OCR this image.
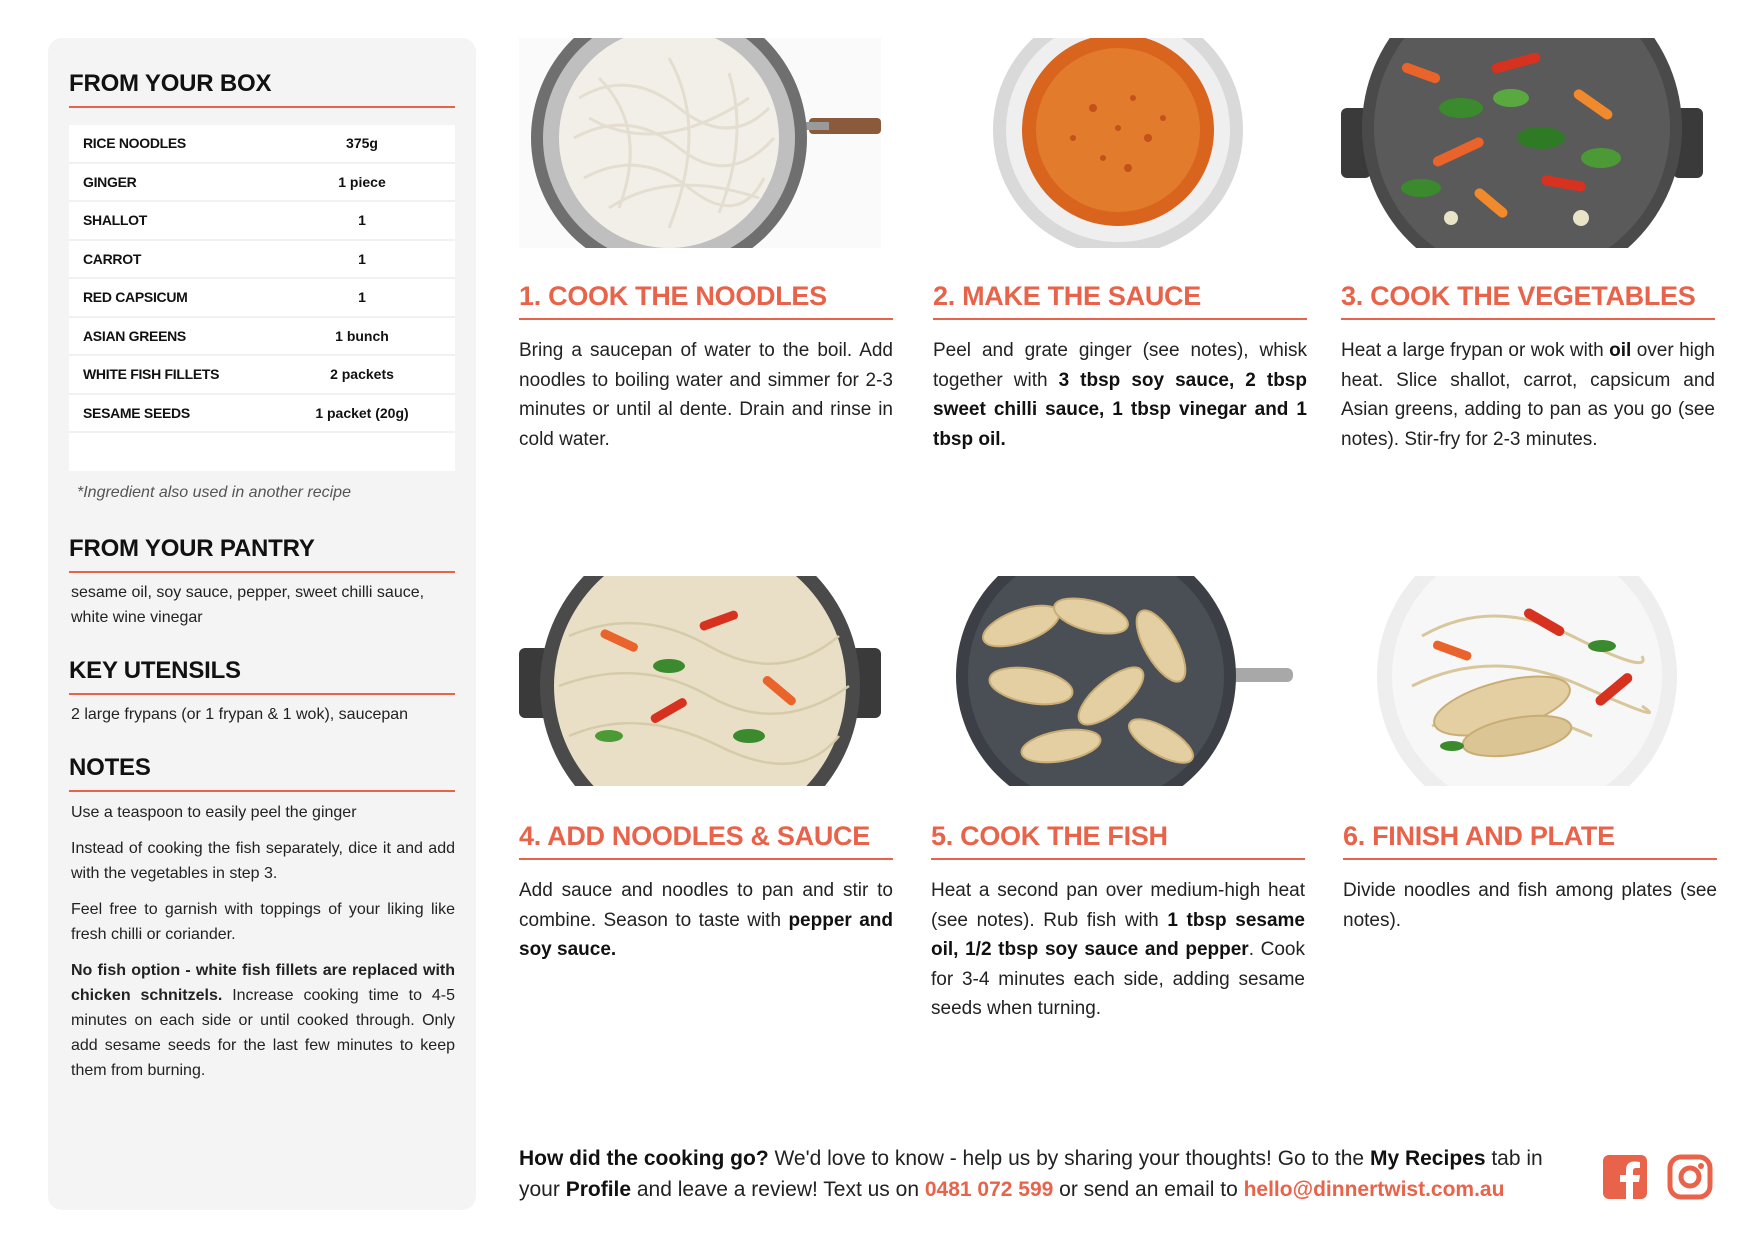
FROM YOUR BOX
RICE NOODLES	375g
GINGER	1 piece
SHALLOT	1
CARROT	1
RED CAPSICUM	1
ASIAN GREENS	1 bunch
WHITE FISH FILLETS	2 packets
SESAME SEEDS	1 packet (20g)
*Ingredient also used in another recipe
FROM YOUR PANTRY
sesame oil, soy sauce, pepper, sweet chilli sauce, white wine vinegar
KEY UTENSILS
2 large frypans (or 1 frypan & 1 wok), saucepan
NOTES

Use a teaspoon to easily peel the ginger

Instead of cooking the fish separately, dice it and add with the vegetables in step 3.

Feel free to garnish with toppings of your liking like fresh chilli or coriander.

No fish option - white fish fillets are replaced with chicken schnitzels. Increase cooking time to 4-5 minutes on each side or until cooked through. Only add sesame seeds for the last few minutes to keep them from burning.

1. COOK THE NOODLES
Bring a saucepan of water to the boil. Add noodles to boiling water and simmer for 2-3 minutes or until al dente. Drain and rinse in cold water.
2. MAKE THE SAUCE
Peel and grate ginger (see notes), whisk together with 3 tbsp soy sauce, 2 tbsp sweet chilli sauce, 1 tbsp vinegar and 1 tbsp oil.
3. COOK THE VEGETABLES
Heat a large frypan or wok with oil over high heat. Slice shallot, carrot, capsicum and Asian greens, adding to pan as you go (see notes). Stir-fry for 2-3 minutes.
4. ADD NOODLES & SAUCE
Add sauce and noodles to pan and stir to combine. Season to taste with pepper and soy sauce.
5. COOK THE FISH
Heat a second pan over medium-high heat (see notes). Rub fish with 1 tbsp sesame oil, 1/2 tbsp soy sauce and pepper. Cook for 3-4 minutes each side, adding sesame seeds when turning.
6. FINISH AND PLATE
Divide noodles and fish among plates (see notes).
How did the cooking go? We'd love to know - help us by sharing your thoughts! Go to the My Recipes tab in your Profile and leave a review! Text us on 0481 072 599 or send an email to hello@dinnertwist.com.au
